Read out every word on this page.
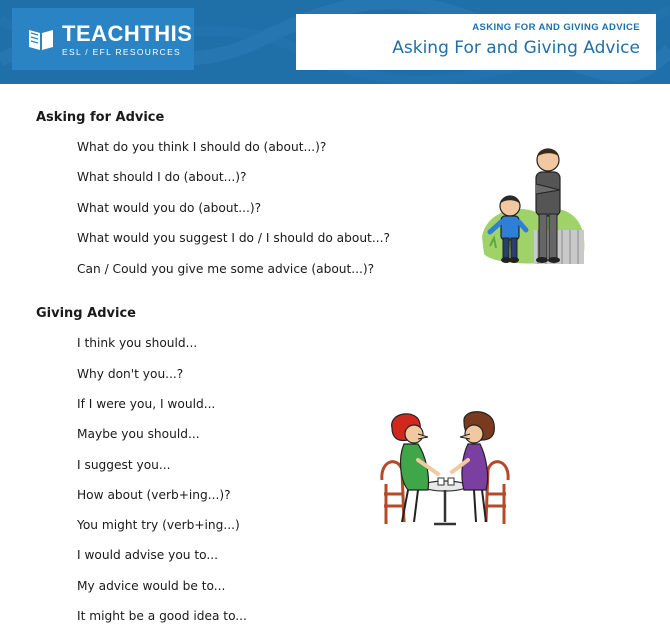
TEACHTHIS
ESL / EFL RESOURCES
ASKING FOR AND GIVING ADVICE
Asking For and Giving Advice
Asking for Advice
What do you think I should do (about...)?
What should I do (about...)?
What would you do (about...)?
What would you suggest I do / I should do about...?
Can / Could you give me some advice (about...)?
Giving Advice
I think you should...
Why don't you...?
If I were you, I would...
Maybe you should...
I suggest you...
How about (verb+ing...)?
You might try (verb+ing...)
I would advise you to...
My advice would be to...
It might be a good idea to...
